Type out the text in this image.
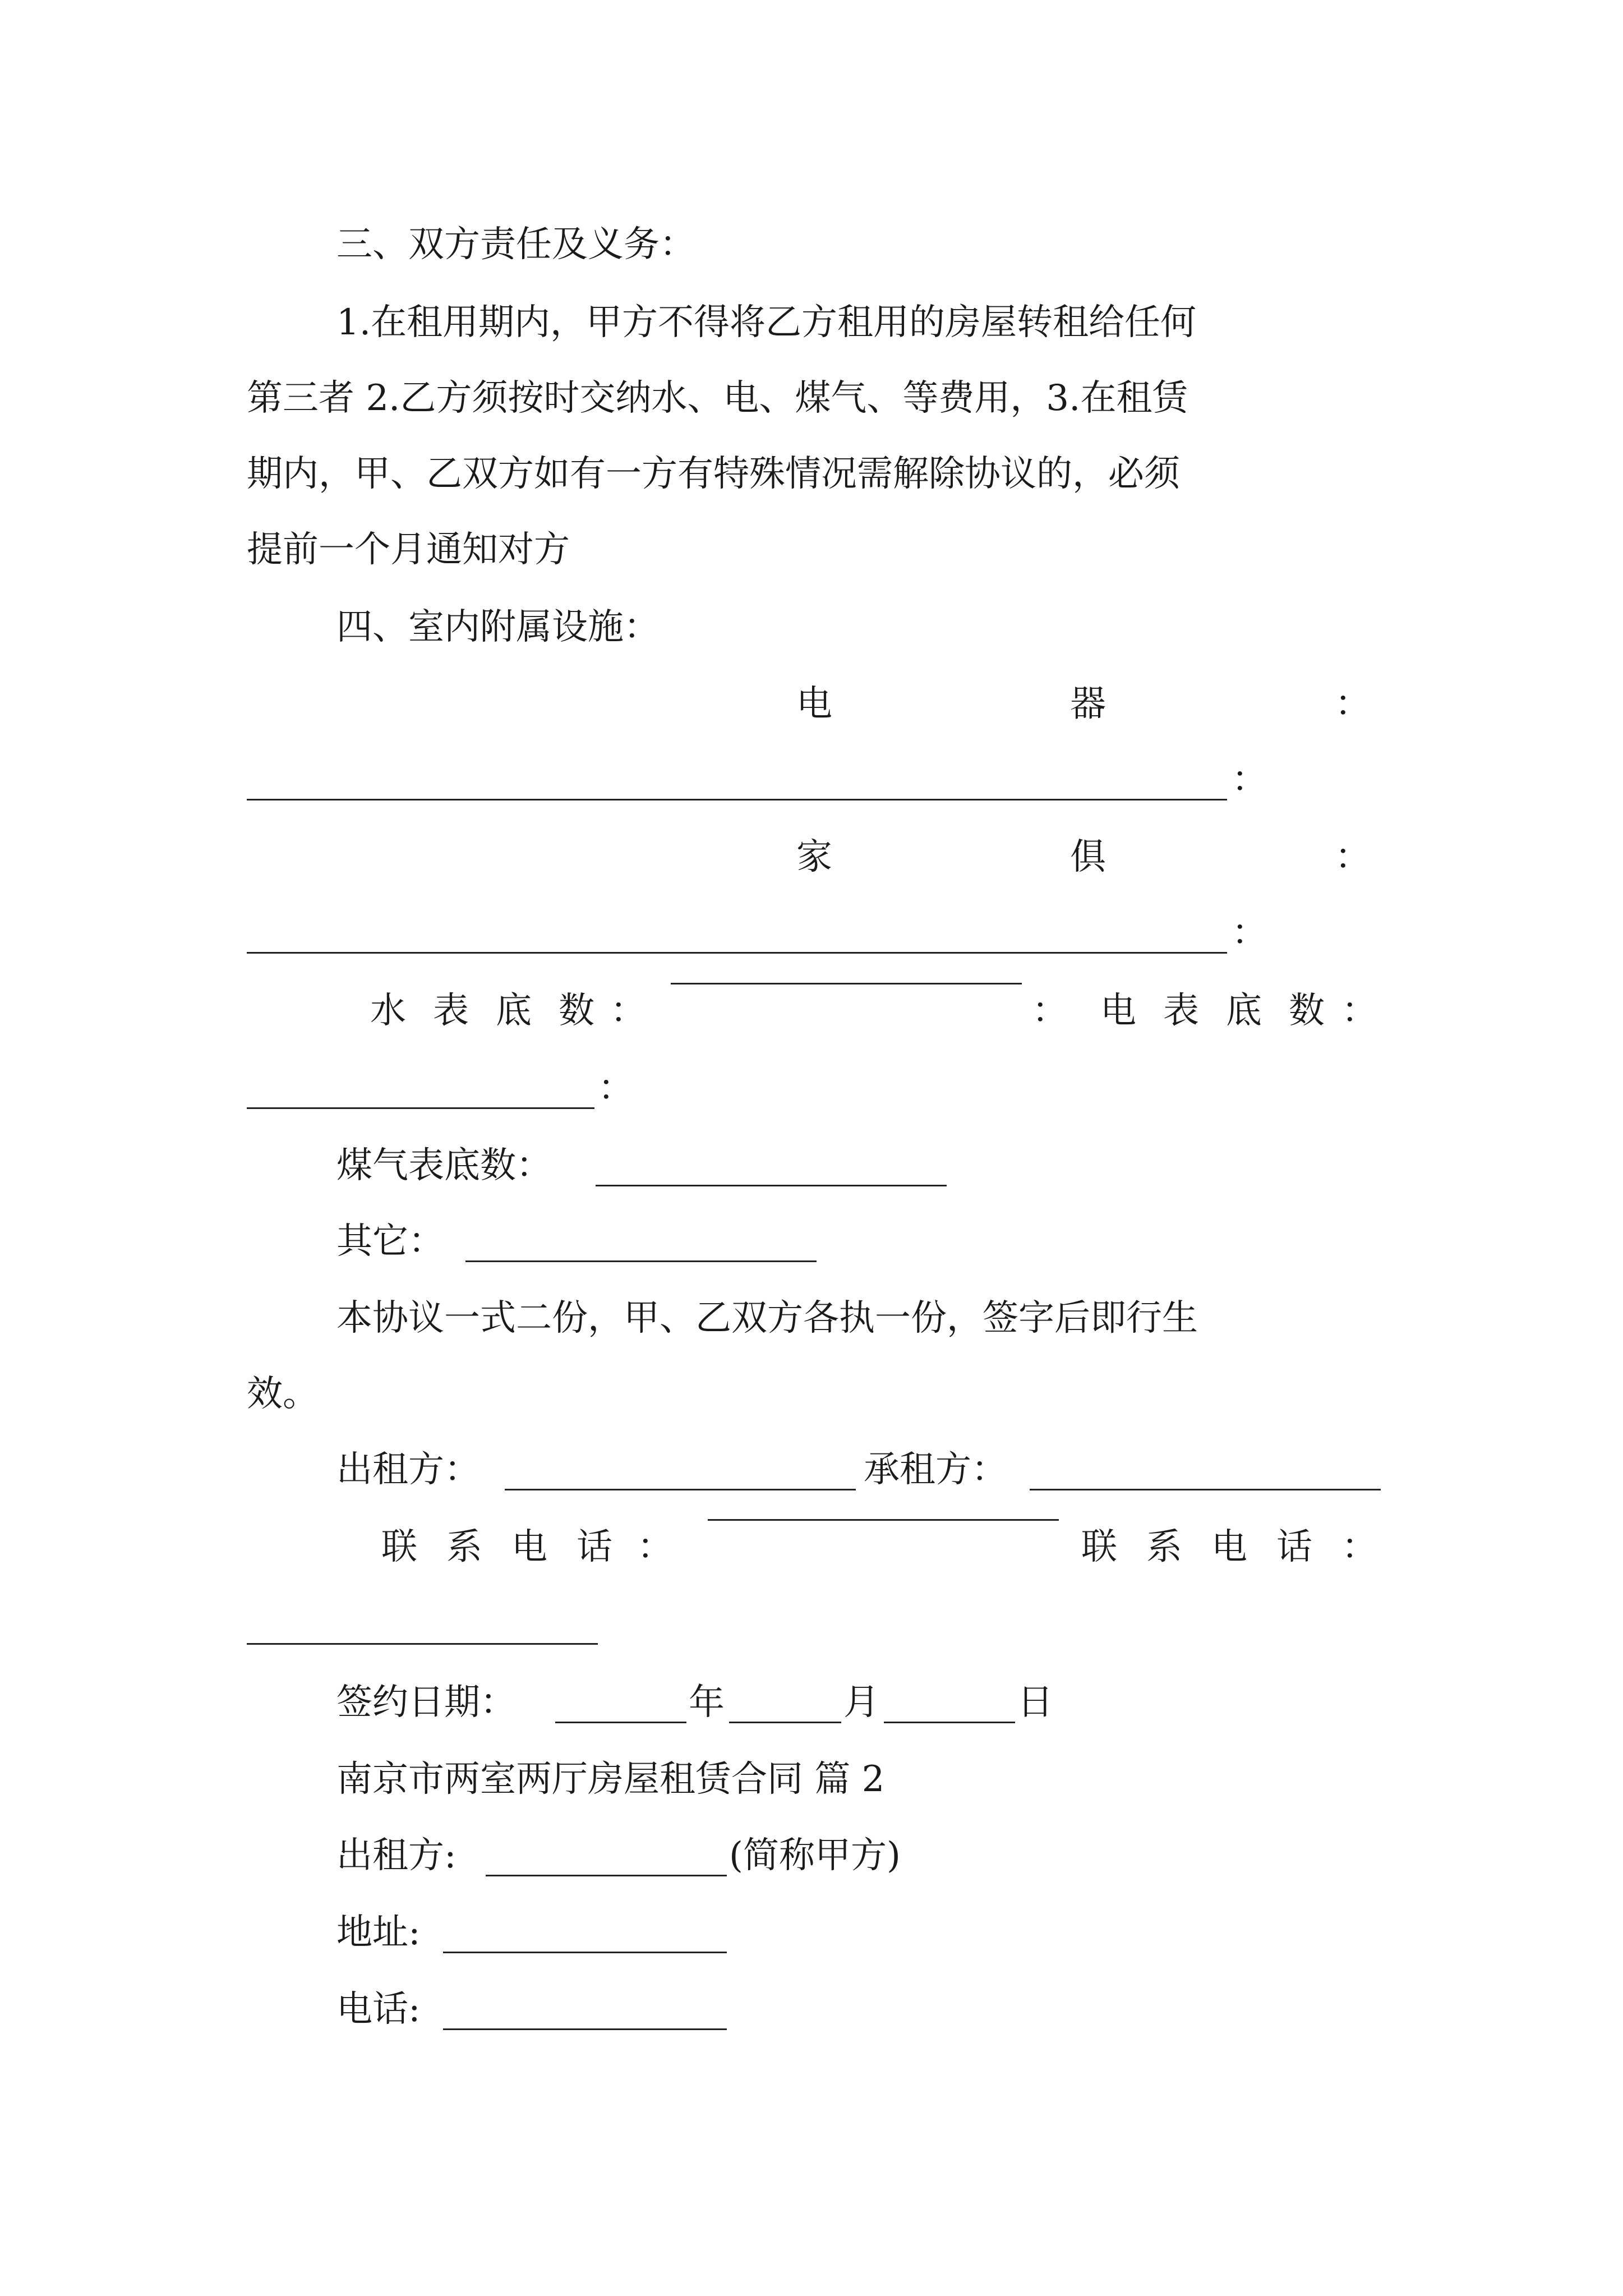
三、双方责任及义务：
1.在租用期内，甲方不得将乙方租用的房屋转租给任何
第三者 2.乙方须按时交纳水、电、煤气、等费用，3.在租赁
期内，甲、乙双方如有一方有特殊情况需解除协议的，必须
提前一个月通知对方
四、室内附属设施：
电	器	：
：
家	俱	：
：
水 表 底 数 ：	： 电 表 底 数 ：
：
煤气表底数：
其它：
本协议一式二份，甲、乙双方各执一份，签字后即行生
效。
出租方：	承租方：
联 系 电 话 ：	联 系 电 话 ：
签约日期：	年	月	日
南京市两室两厅房屋租赁合同 篇 2
出租方:	(简称甲方)
地址:
电话:
